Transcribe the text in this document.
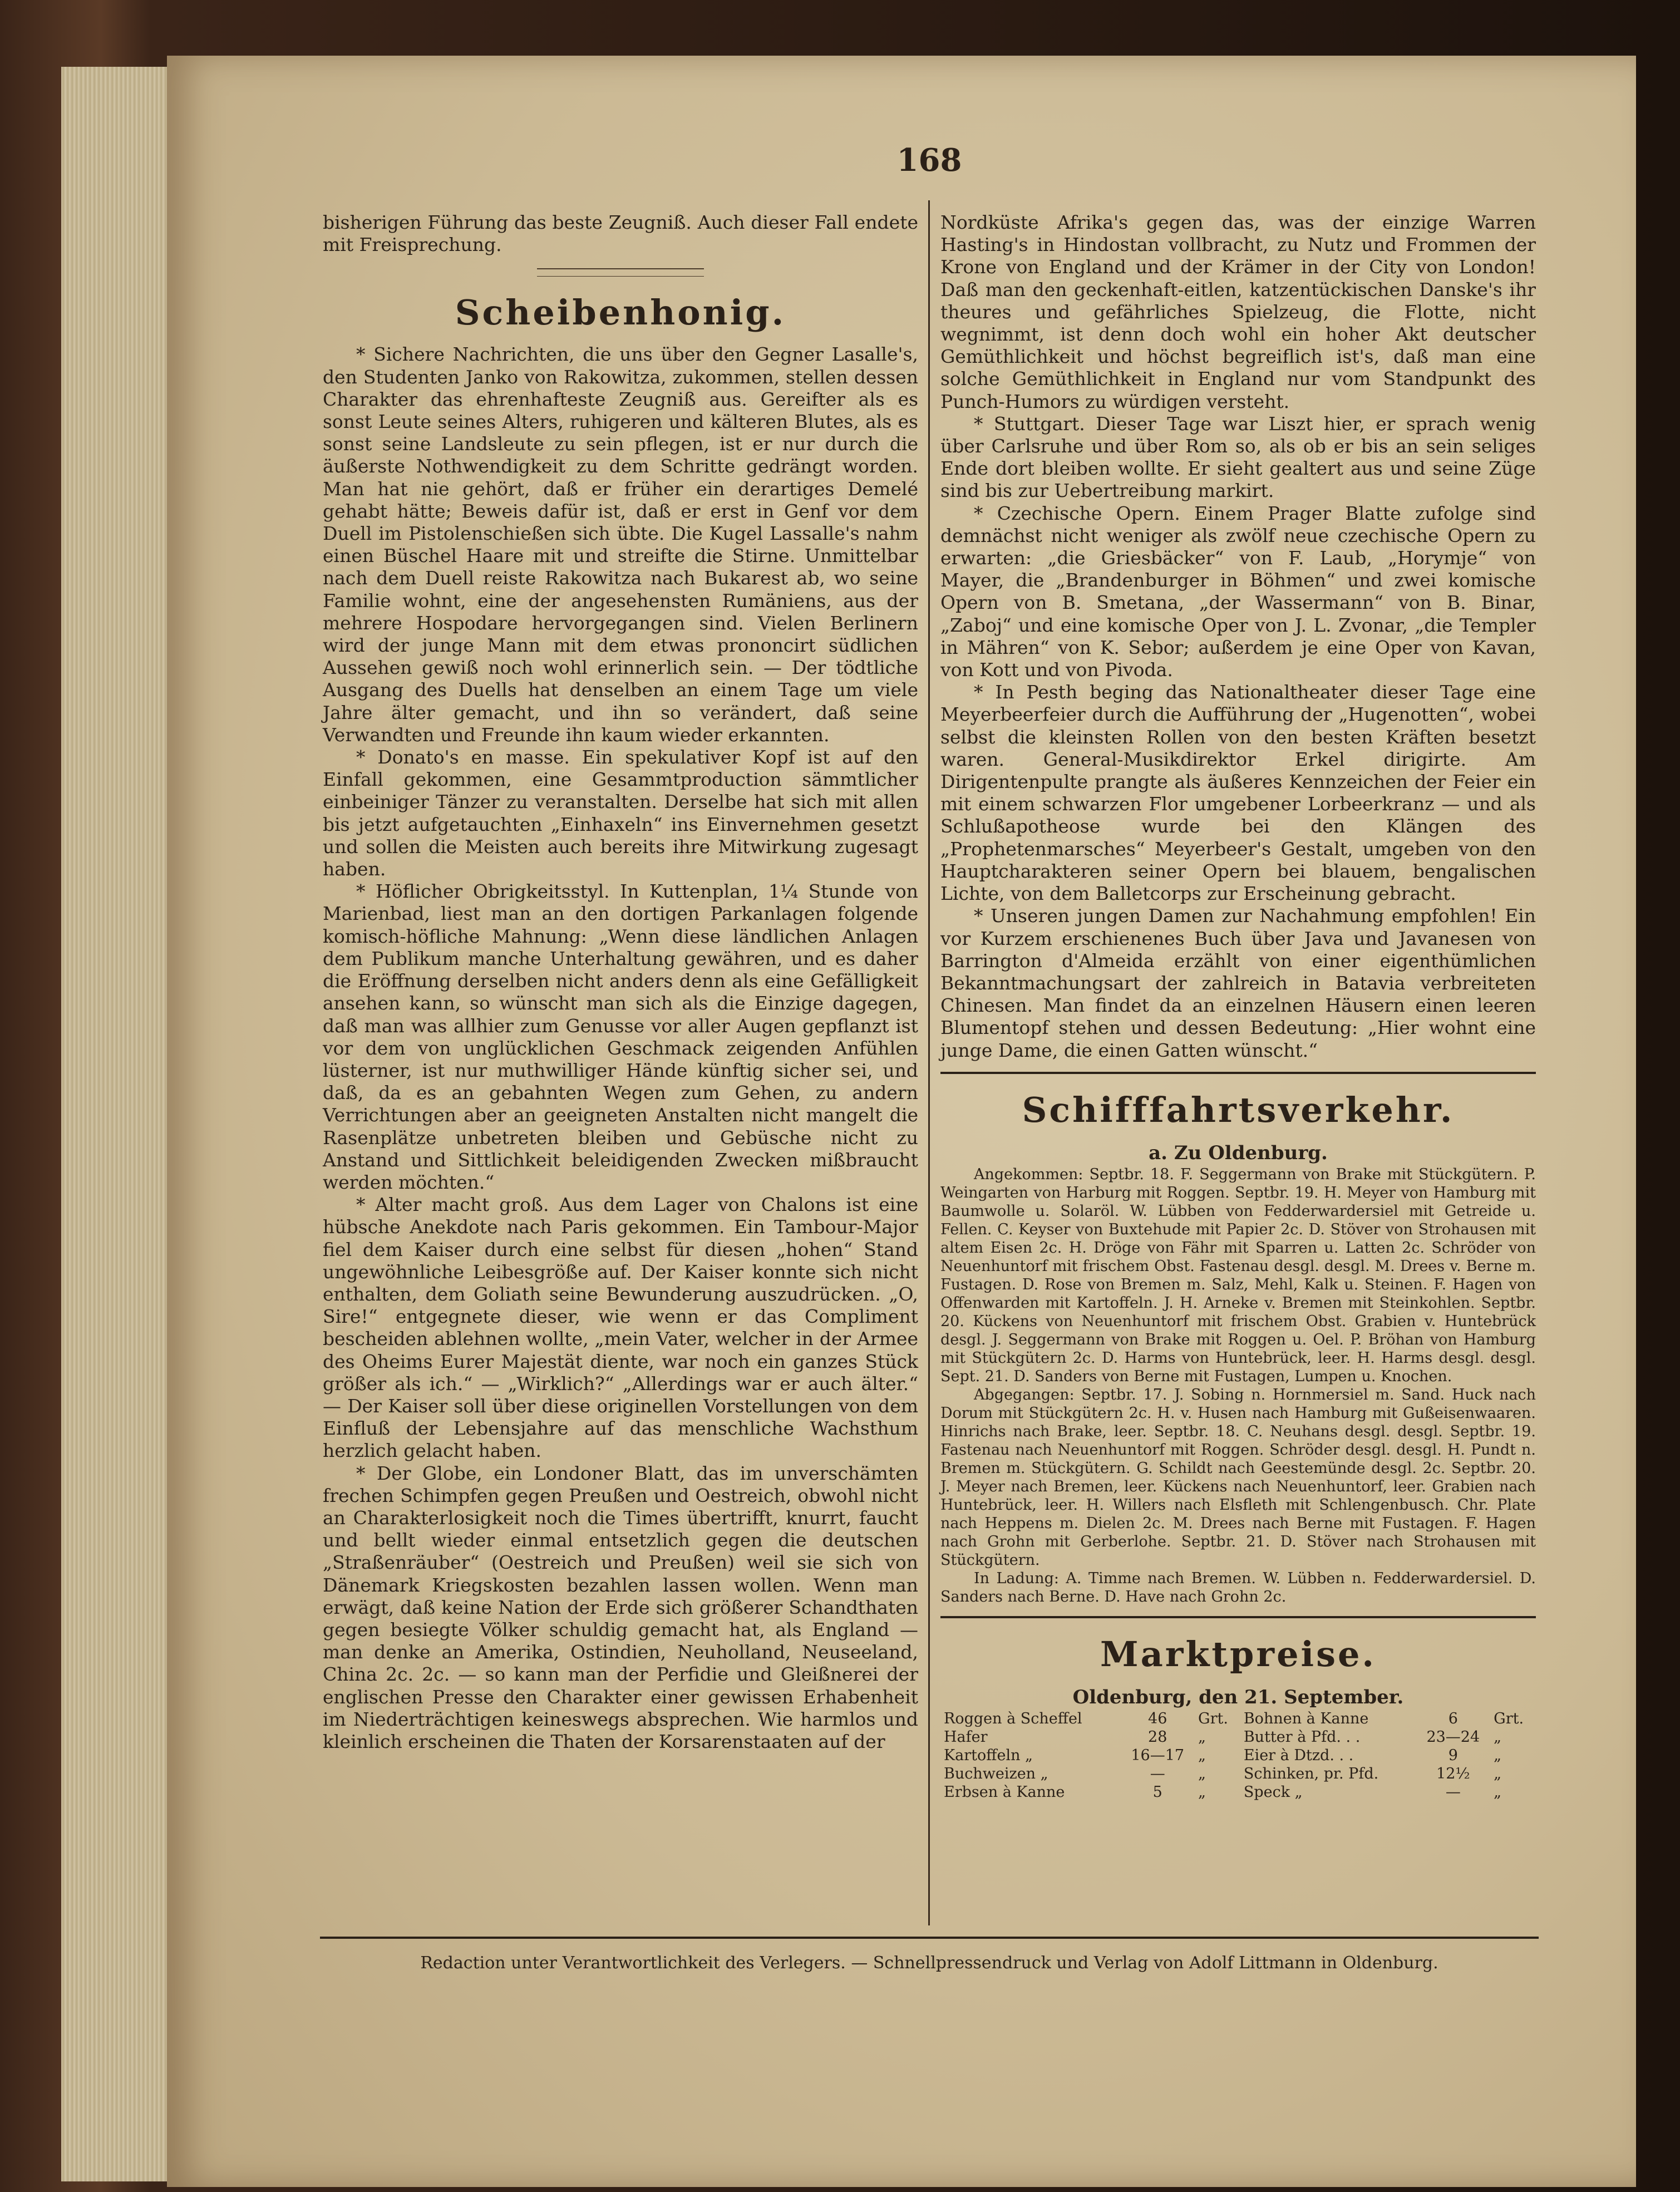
168

bisherigen Führung das beste Zeugniß. Auch dieser Fall endete mit Freisprechung.

Scheibenhonig.

* Sichere Nachrichten, die uns über den Gegner Lasalle's, den Studenten Janko von Rakowitza, zukommen, stellen dessen Charakter das ehrenhafteste Zeugniß aus. Gereifter als es sonst Leute seines Alters, ruhigeren und kälteren Blutes, als es sonst seine Landsleute zu sein pflegen, ist er nur durch die äußerste Nothwendigkeit zu dem Schritte gedrängt worden. Man hat nie gehört, daß er früher ein derartiges Demelé gehabt hätte; Beweis dafür ist, daß er erst in Genf vor dem Duell im Pistolenschießen sich übte. Die Kugel Lassalle's nahm einen Büschel Haare mit und streifte die Stirne. Unmittelbar nach dem Duell reiste Rakowitza nach Bukarest ab, wo seine Familie wohnt, eine der angesehensten Rumäniens, aus der mehrere Hospodare hervorgegangen sind. Vielen Berlinern wird der junge Mann mit dem etwas prononcirt südlichen Aussehen gewiß noch wohl erinnerlich sein. — Der tödtliche Ausgang des Duells hat denselben an einem Tage um viele Jahre älter gemacht, und ihn so verändert, daß seine Verwandten und Freunde ihn kaum wieder erkannten.

* Donato's en masse. Ein spekulativer Kopf ist auf den Einfall gekommen, eine Gesammtproduction sämmtlicher einbeiniger Tänzer zu veranstalten. Derselbe hat sich mit allen bis jetzt aufgetauchten „Einhaxeln“ ins Einvernehmen gesetzt und sollen die Meisten auch bereits ihre Mitwirkung zugesagt haben.

* Höflicher Obrigkeitsstyl. In Kuttenplan, 1¼ Stunde von Marienbad, liest man an den dortigen Parkanlagen folgende komisch-höfliche Mahnung: „Wenn diese ländlichen Anlagen dem Publikum manche Unterhaltung gewähren, und es daher die Eröffnung derselben nicht anders denn als eine Gefälligkeit ansehen kann, so wünscht man sich als die Einzige dagegen, daß man was allhier zum Genusse vor aller Augen gepflanzt ist vor dem von unglücklichen Geschmack zeigenden Anfühlen lüsterner, ist nur muthwilliger Hände künftig sicher sei, und daß, da es an gebahnten Wegen zum Gehen, zu andern Verrichtungen aber an geeigneten Anstalten nicht mangelt die Rasenplätze unbetreten bleiben und Gebüsche nicht zu Anstand und Sittlichkeit beleidigenden Zwecken mißbraucht werden möchten.“

* Alter macht groß. Aus dem Lager von Chalons ist eine hübsche Anekdote nach Paris gekommen. Ein Tambour-Major fiel dem Kaiser durch eine selbst für diesen „hohen“ Stand ungewöhnliche Leibesgröße auf. Der Kaiser konnte sich nicht enthalten, dem Goliath seine Bewunderung auszudrücken. „O, Sire!“ entgegnete dieser, wie wenn er das Compliment bescheiden ablehnen wollte, „mein Vater, welcher in der Armee des Oheims Eurer Majestät diente, war noch ein ganzes Stück größer als ich.“ — „Wirklich?“ „Allerdings war er auch älter.“ — Der Kaiser soll über diese originellen Vorstellungen von dem Einfluß der Lebensjahre auf das menschliche Wachsthum herzlich gelacht haben.

* Der Globe, ein Londoner Blatt, das im unverschämten frechen Schimpfen gegen Preußen und Oestreich, obwohl nicht an Charakterlosigkeit noch die Times übertrifft, knurrt, faucht und bellt wieder einmal entsetzlich gegen die deutschen „Straßenräuber“ (Oestreich und Preußen) weil sie sich von Dänemark Kriegskosten bezahlen lassen wollen. Wenn man erwägt, daß keine Nation der Erde sich größerer Schandthaten gegen besiegte Völker schuldig gemacht hat, als England — man denke an Amerika, Ostindien, Neuholland, Neuseeland, China 2c. 2c. — so kann man der Perfidie und Gleißnerei der englischen Presse den Charakter einer gewissen Erhabenheit im Niederträchtigen keineswegs absprechen. Wie harmlos und kleinlich erscheinen die Thaten der Korsarenstaaten auf der

Nordküste Afrika's gegen das, was der einzige Warren Hasting's in Hindostan vollbracht, zu Nutz und Frommen der Krone von England und der Krämer in der City von London! Daß man den geckenhaft-eitlen, katzentückischen Danske's ihr theures und gefährliches Spielzeug, die Flotte, nicht wegnimmt, ist denn doch wohl ein hoher Akt deutscher Gemüthlichkeit und höchst begreiflich ist's, daß man eine solche Gemüthlichkeit in England nur vom Standpunkt des Punch-Humors zu würdigen versteht.

* Stuttgart. Dieser Tage war Liszt hier, er sprach wenig über Carlsruhe und über Rom so, als ob er bis an sein seliges Ende dort bleiben wollte. Er sieht gealtert aus und seine Züge sind bis zur Uebertreibung markirt.

* Czechische Opern. Einem Prager Blatte zufolge sind demnächst nicht weniger als zwölf neue czechische Opern zu erwarten: „die Griesbäcker“ von F. Laub, „Horymje“ von Mayer, die „Brandenburger in Böhmen“ und zwei komische Opern von B. Smetana, „der Wassermann“ von B. Binar, „Zaboj“ und eine komische Oper von J. L. Zvonar, „die Templer in Mähren“ von K. Sebor; außerdem je eine Oper von Kavan, von Kott und von Pivoda.

* In Pesth beging das Nationaltheater dieser Tage eine Meyerbeerfeier durch die Aufführung der „Hugenotten“, wobei selbst die kleinsten Rollen von den besten Kräften besetzt waren. General-Musikdirektor Erkel dirigirte. Am Dirigentenpulte prangte als äußeres Kennzeichen der Feier ein mit einem schwarzen Flor umgebener Lorbeerkranz — und als Schlußapotheose wurde bei den Klängen des „Prophetenmarsches“ Meyerbeer's Gestalt, umgeben von den Hauptcharakteren seiner Opern bei blauem, bengalischen Lichte, von dem Balletcorps zur Erscheinung gebracht.

* Unseren jungen Damen zur Nachahmung empfohlen! Ein vor Kurzem erschienenes Buch über Java und Javanesen von Barrington d'Almeida erzählt von einer eigenthümlichen Bekanntmachungsart der zahlreich in Batavia verbreiteten Chinesen. Man findet da an einzelnen Häusern einen leeren Blumentopf stehen und dessen Bedeutung: „Hier wohnt eine junge Dame, die einen Gatten wünscht.“

Schifffahrtsverkehr.
a. Zu Oldenburg.

Angekommen: Septbr. 18. F. Seggermann von Brake mit Stückgütern. P. Weingarten von Harburg mit Roggen. Septbr. 19. H. Meyer von Hamburg mit Baumwolle u. Solaröl. W. Lübben von Fedderwardersiel mit Getreide u. Fellen. C. Keyser von Buxtehude mit Papier 2c. D. Stöver von Strohausen mit altem Eisen 2c. H. Dröge von Fähr mit Sparren u. Latten 2c. Schröder von Neuenhuntorf mit frischem Obst. Fastenau desgl. desgl. M. Drees v. Berne m. Fustagen. D. Rose von Bremen m. Salz, Mehl, Kalk u. Steinen. F. Hagen von Offenwarden mit Kartoffeln. J. H. Arneke v. Bremen mit Steinkohlen. Septbr. 20. Kückens von Neuenhuntorf mit frischem Obst. Grabien v. Huntebrück desgl. J. Seggermann von Brake mit Roggen u. Oel. P. Bröhan von Hamburg mit Stückgütern 2c. D. Harms von Huntebrück, leer. H. Harms desgl. desgl. Sept. 21. D. Sanders von Berne mit Fustagen, Lumpen u. Knochen.

Abgegangen: Septbr. 17. J. Sobing n. Hornmersiel m. Sand. Huck nach Dorum mit Stückgütern 2c. H. v. Husen nach Hamburg mit Gußeisenwaaren. Hinrichs nach Brake, leer. Septbr. 18. C. Neuhans desgl. desgl. Septbr. 19. Fastenau nach Neuenhuntorf mit Roggen. Schröder desgl. desgl. H. Pundt n. Bremen m. Stückgütern. G. Schildt nach Geestemünde desgl. 2c. Septbr. 20. J. Meyer nach Bremen, leer. Kückens nach Neuenhuntorf, leer. Grabien nach Huntebrück, leer. H. Willers nach Elsfleth mit Schlengenbusch. Chr. Plate nach Heppens m. Dielen 2c. M. Drees nach Berne mit Fustagen. F. Hagen nach Grohn mit Gerberlohe. Septbr. 21. D. Stöver nach Strohausen mit Stückgütern.

In Ladung: A. Timme nach Bremen. W. Lübben n. Fedderwardersiel. D. Sanders nach Berne. D. Have nach Grohn 2c.

Marktpreise.
Oldenburg, den 21. September.
Roggen à Scheffel	46	Grt.	Bohnen à Kanne	6	Grt.
Hafer	28	„	Butter à Pfd. . .	23—24	„
Kartoffeln „	16—17	„	Eier à Dtzd. . .	9	„
Buchweizen „	—	„	Schinken, pr. Pfd.	12½	„
Erbsen à Kanne	5	„	Speck „	—	„
Redaction unter Verantwortlichkeit des Verlegers. — Schnellpressendruck und Verlag von Adolf Littmann in Oldenburg.
